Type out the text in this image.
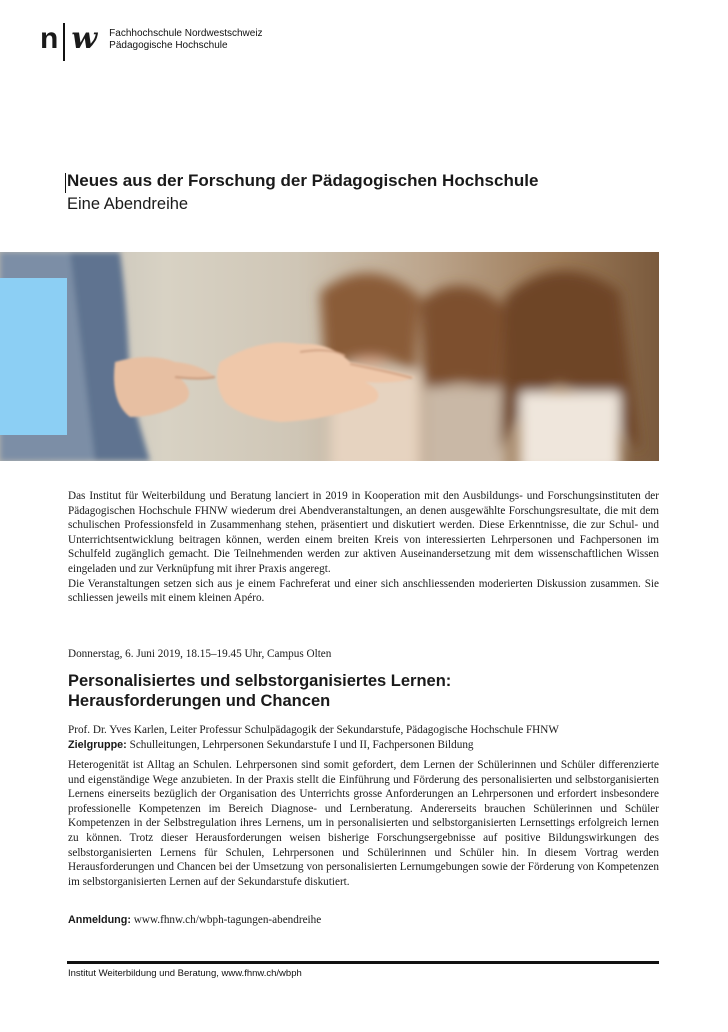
n w Fachhochschule Nordwestschweiz
Pädagogische Hochschule
Neues aus der Forschung der Pädagogischen Hochschule
Eine Abendreihe

Das Institut für Weiterbildung und Beratung lanciert in 2019 in Kooperation mit den Ausbildungs- und Forschungsinstituten der Pädagogischen Hochschule FHNW wiederum drei Abendveranstaltungen, an denen ausgewählte Forschungsresultate, die mit dem schulischen Professionsfeld in Zusammenhang stehen, präsentiert und diskutiert werden. Diese Erkenntnisse, die zur Schul- und Unterrichtsentwicklung beitragen können, werden einem breiten Kreis von interessierten Lehrpersonen und Fachpersonen im Schulfeld zugänglich gemacht. Die Teilnehmenden werden zur aktiven Auseinandersetzung mit dem wissenschaftlichen Wissen eingeladen und zur Verknüpfung mit ihrer Praxis angeregt.

Die Veranstaltungen setzen sich aus je einem Fachreferat und einer sich anschliessenden moderierten Diskussion zusammen. Sie schliessen jeweils mit einem kleinen Apéro.

Donnerstag, 6. Juni 2019, 18.15–19.45 Uhr, Campus Olten
Personalisiertes und selbstorganisiertes Lernen:
Herausforderungen und Chancen
Prof. Dr. Yves Karlen, Leiter Professur Schulpädagogik der Sekundarstufe, Pädagogische Hochschule FHNW
Zielgruppe: Schulleitungen, Lehrpersonen Sekundarstufe I und II, Fachpersonen Bildung

Heterogenität ist Alltag an Schulen. Lehrpersonen sind somit gefordert, dem Lernen der Schülerinnen und Schüler differenzierte und eigenständige Wege anzubieten. In der Praxis stellt die Einführung und Förderung des personalisierten und selbstorganisierten Lernens einerseits bezüglich der Organisation des Unterrichts grosse Anforderungen an Lehrpersonen und erfordert insbesondere professionelle Kompetenzen im Bereich Diagnose- und Lernberatung. Andererseits brauchen Schülerinnen und Schüler Kompetenzen in der Selbstregulation ihres Lernens, um in personalisierten und selbstorganisierten Lernsettings erfolgreich lernen zu können. Trotz dieser Herausforderungen weisen bisherige Forschungsergebnisse auf positive Bildungswirkungen des selbstorganisierten Lernens für Schulen, Lehrpersonen und Schülerinnen und Schüler hin. In diesem Vortrag werden Herausforderungen und Chancen bei der Umsetzung von personalisierten Lernumgebungen sowie der Förderung von Kompetenzen im selbstorganisierten Lernen auf der Sekundarstufe diskutiert.

Anmeldung: www.fhnw.ch/wbph-tagungen-abendreihe
Institut Weiterbildung und Beratung, www.fhnw.ch/wbph
